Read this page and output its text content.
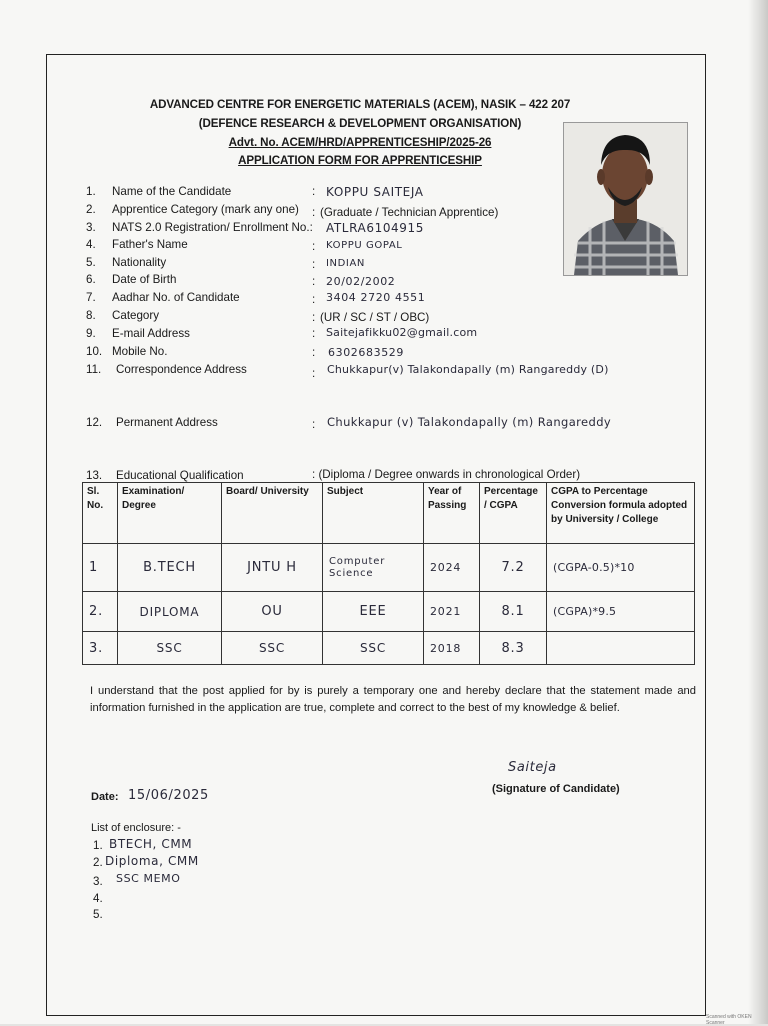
ADVANCED CENTRE FOR ENERGETIC MATERIALS (ACEM), NASIK – 422 207
(DEFENCE RESEARCH & DEVELOPMENT ORGANISATION)
Advt. No. ACEM/HRD/APPRENTICESHIP/2025-26
APPLICATION FORM FOR APPRENTICESHIP
1. Name of the Candidate	: KOPPU SAITEJA
2. Apprentice Category (mark any one) : (Graduate / Technician Apprentice)
3. NATS 2.0 Registration/ Enrollment No.: ATLRA6104915
4. Father's Name	: KOPPU GOPAL
5. Nationality	: INDIAN
6. Date of Birth	: 20/02/2002
7. Aadhar No. of Candidate	: 3404 2720 4551
8. Category	: (UR / SC / ST / OBC)
9. E-mail Address	: Saitejafikku02@gmail.com
10. Mobile No.	: 6302683529
11. Correspondence Address	: Chukkapur(v) Talakondapally (m) Rangareddy (D)
12. Permanent Address	: Chukkapur (v) Talakondapally (m) Rangareddy
13. Educational Qualification	: (Diploma / Degree onwards in chronological Order)
Sl. No.	Examination/ Degree	Board/ University	Subject	Year of Passing	Percentage / CGPA	CGPA to Percentage Conversion formula adopted by University / College
1	B.TECH	JNTU H	Computer Science	2024	7.2	(CGPA-0.5)*10
2.	DIPLOMA	OU	EEE	2021	8.1	(CGPA)*9.5
3.	SSC	SSC	SSC	2018	8.3	
I understand that the post applied for by is purely a temporary one and hereby declare that the statement made and information furnished in the application are true, complete and correct to the best of my knowledge & belief.
Saiteja
(Signature of Candidate)
Date: 15/06/2025
List of enclosure: -
1. BTECH, CMM
2. Diploma, CMM
3. SSC MEMO
4.
5.
Scanned with OKEN Scanner
